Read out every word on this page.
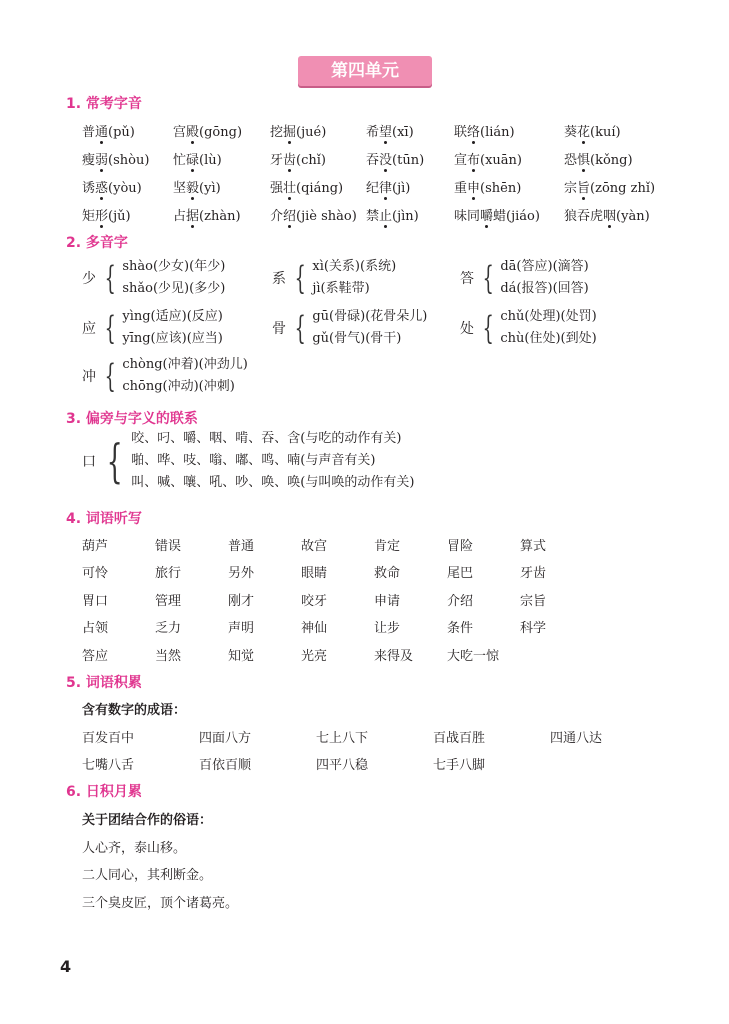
第四单元
1. 常考字音
普通(pǔ)	宫殿(gōng)	挖掘(jué)	希望(xī)	联络(lián)	葵花(kuí)
瘦弱(shòu)	忙碌(lù)	牙齿(chǐ)	吞没(tūn)	宣布(xuān)	恐惧(kǒng)
诱惑(yòu)	坚毅(yì)	强壮(qiáng)	纪律(jì)	重申(shēn)	宗旨(zōng zhǐ)
矩形(jǔ)	占据(zhàn)	介绍(jiè shào) 禁止(jìn)	味同嚼蜡(jiáo)	狼吞虎咽(yàn)
2. 多音字
少 { shào(少女)(年少)
shǎo(少见)(多少)
系 { xì(关系)(系统)
jì(系鞋带)
答 { dā(答应)(滴答)
dá(报答)(回答)
应 { yìng(适应)(反应)
yīng(应该)(应当)
骨 { gū(骨碌)(花骨朵儿)
gǔ(骨气)(骨干)
处 { chǔ(处理)(处罚)
chù(住处)(到处)
冲 { chòng(冲着)(冲劲儿)
chōng(冲动)(冲刺)
3. 偏旁与字义的联系
口 { 咬、叼、嚼、咽、啃、吞、含(与吃的动作有关)
啪、哗、吱、嗡、嘟、鸣、喃(与声音有关)
叫、喊、嚷、吼、吵、唤、唤(与叫唤的动作有关)
4. 词语听写
葫芦	错误	普通	故宫	肯定	冒险	算式
可怜	旅行	另外	眼睛	救命	尾巴	牙齿
胃口	管理	刚才	咬牙	申请	介绍	宗旨
占领	乏力	声明	神仙	让步	条件	科学
答应	当然	知觉	光亮	来得及	大吃一惊
5. 词语积累
含有数字的成语：
百发百中	四面八方	七上八下	百战百胜	四通八达
七嘴八舌	百依百顺	四平八稳	七手八脚
6. 日积月累
关于团结合作的俗语：
人心齐，泰山移。
二人同心，其利断金。
三个臭皮匠，顶个诸葛亮。
4
